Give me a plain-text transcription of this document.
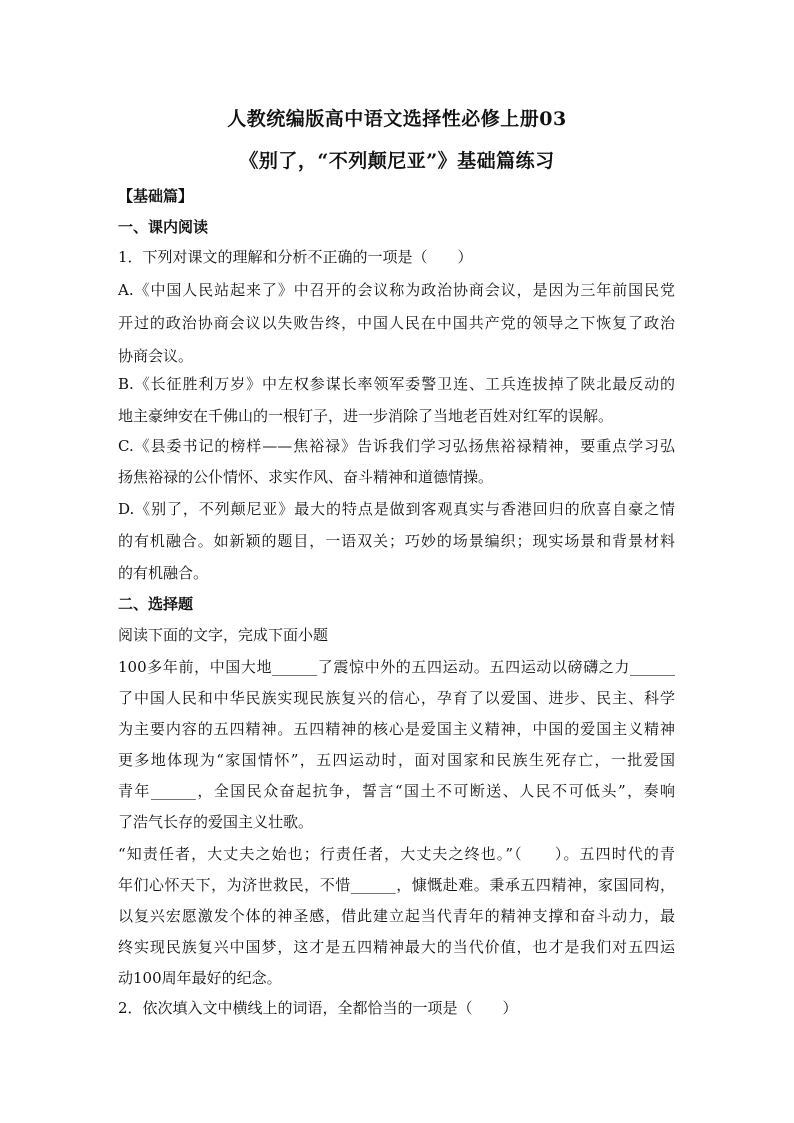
人教统编版高中语文选择性必修上册03
《别了，“不列颠尼亚”》基础篇练习
【基础篇】
一、课内阅读
1．下列对课文的理解和分析不正确的一项是（　　）
A.《中国人民站起来了》中召开的会议称为政治协商会议，是因为三年前国民党
开过的政治协商会议以失败告终，中国人民在中国共产党的领导之下恢复了政治
协商会议。
B.《长征胜利万岁》中左权参谋长率领军委警卫连、工兵连拔掉了陕北最反动的
地主豪绅安在千佛山的一根钉子，进一步消除了当地老百姓对红军的误解。
C.《县委书记的榜样——焦裕禄》告诉我们学习弘扬焦裕禄精神，要重点学习弘
扬焦裕禄的公仆情怀、求实作风、奋斗精神和道德情操。
D.《别了，不列颠尼亚》最大的特点是做到客观真实与香港回归的欣喜自豪之情
的有机融合。如新颖的题目，一语双关；巧妙的场景编织；现实场景和背景材料
的有机融合。
二、选择题
阅读下面的文字，完成下面小题
100多年前，中国大地______了震惊中外的五四运动。五四运动以磅礴之力______
了中国人民和中华民族实现民族复兴的信心，孕育了以爱国、进步、民主、科学
为主要内容的五四精神。五四精神的核心是爱国主义精神，中国的爱国主义精神
更多地体现为“家国情怀”，五四运动时，面对国家和民族生死存亡，一批爱国
青年______，全国民众奋起抗争，誓言“国土不可断送、人民不可低头”，奏响
了浩气长存的爱国主义壮歌。
“知责任者，大丈夫之始也；行责任者，大丈夫之终也。”（　　）。五四时代的青
年们心怀天下，为济世救民，不惜______，慷慨赴难。秉承五四精神，家国同构，
以复兴宏愿激发个体的神圣感，借此建立起当代青年的精神支撑和奋斗动力，最
终实现民族复兴中国梦，这才是五四精神最大的当代价值，也才是我们对五四运
动100周年最好的纪念。
2．依次填入文中横线上的词语，全都恰当的一项是（　　）
